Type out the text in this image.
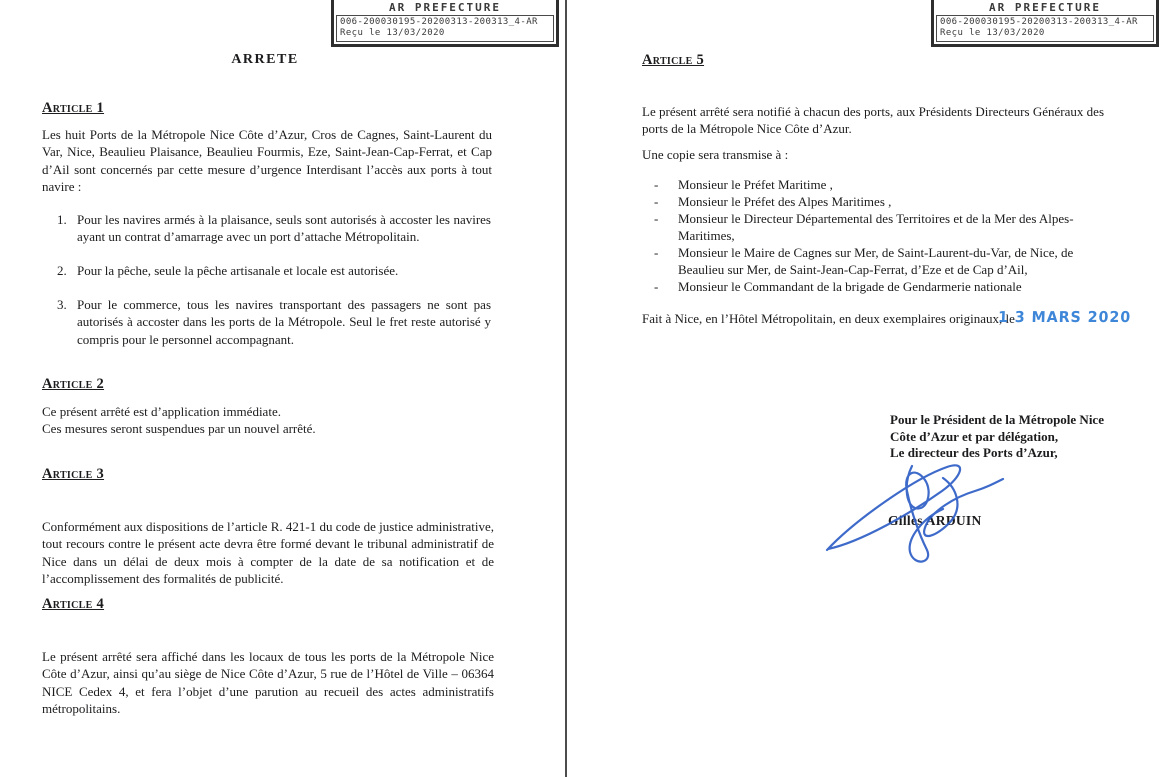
AR PREFECTURE
006-200030195-20200313-200313_4-AR
Reçu le 13/03/2020
ARRETE
Article 1
Les huit Ports de la Métropole Nice Côte d’Azur, Cros de Cagnes, Saint-Laurent du Var, Nice, Beaulieu Plaisance, Beaulieu Fourmis, Eze, Saint-Jean-Cap-Ferrat, et Cap d’Ail sont concernés par cette mesure d’urgence Interdisant l’accès aux ports à tout navire :
1. Pour les navires armés à la plaisance, seuls sont autorisés à accoster les navires ayant un contrat d’amarrage avec un port d’attache Métropolitain.
2. Pour la pêche, seule la pêche artisanale et locale est autorisée.
3. Pour le commerce, tous les navires transportant des passagers ne sont pas autorisés à accoster dans les ports de la Métropole. Seul le fret reste autorisé y compris pour le personnel accompagnant.
Article 2
Ce présent arrêté est d’application immédiate.
Ces mesures seront suspendues par un nouvel arrêté.
Article 3
Conformément aux dispositions de l’article R. 421-1 du code de justice administrative, tout recours contre le présent acte devra être formé devant le tribunal administratif de Nice dans un délai de deux mois à compter de la date de sa notification et de l’accomplissement des formalités de publicité.
Article 4
Le présent arrêté sera affiché dans les locaux de tous les ports de la Métropole Nice Côte d’Azur, ainsi qu’au siège de Nice Côte d’Azur, 5 rue de l’Hôtel de Ville – 06364 NICE Cedex 4, et fera l’objet d’une parution au recueil des actes administratifs métropolitains.
AR PREFECTURE
006-200030195-20200313-200313_4-AR
Reçu le 13/03/2020
Article 5
Le présent arrêté sera notifié à chacun des ports, aux Présidents Directeurs Généraux des ports de la Métropole Nice Côte d’Azur.
Une copie sera transmise à :
- Monsieur le Préfet Maritime ,
- Monsieur le Préfet des Alpes Maritimes ,
- Monsieur le Directeur Départemental des Territoires et de la Mer des Alpes-Maritimes,
- Monsieur le Maire de Cagnes sur Mer, de Saint-Laurent-du-Var, de Nice, de Beaulieu sur Mer, de Saint-Jean-Cap-Ferrat, d’Eze et de Cap d’Ail,
- Monsieur le Commandant de la brigade de Gendarmerie nationale
Fait à Nice, en l’Hôtel Métropolitain, en deux exemplaires originaux, le
1 3 MARS 2020
Pour le Président de la Métropole Nice
Côte d’Azur et par délégation,
Le directeur des Ports d’Azur,
Gilles ARDUIN
